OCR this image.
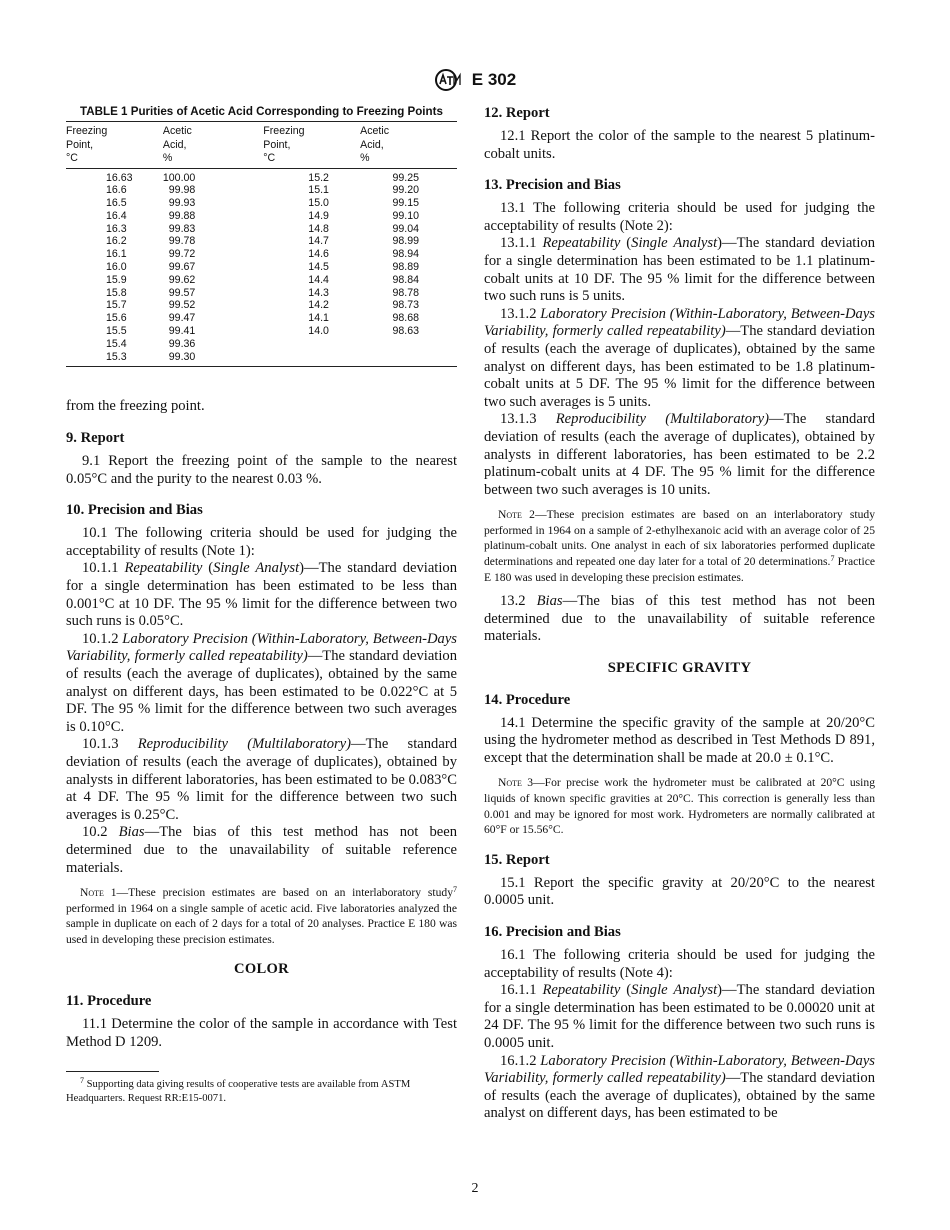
E 302
TABLE 1 Purities of Acetic Acid Corresponding to Freezing Points
Freezing
Point,
°C	Acetic
Acid,
%	Freezing
Point,
°C	Acetic
Acid,
%
16.63	100.00	15.2	99.25
16.6	99.98	15.1	99.20
16.5	99.93	15.0	99.15
16.4	99.88	14.9	99.10
16.3	99.83	14.8	99.04
16.2	99.78	14.7	98.99
16.1	99.72	14.6	98.94
16.0	99.67	14.5	98.89
15.9	99.62	14.4	98.84
15.8	99.57	14.3	98.78
15.7	99.52	14.2	98.73
15.6	99.47	14.1	98.68
15.5	99.41	14.0	98.63
15.4	99.36		
15.3	99.30		

from the freezing point.

9. Report

9.1 Report the freezing point of the sample to the nearest 0.05°C and the purity to the nearest 0.03 %.

10. Precision and Bias

10.1 The following criteria should be used for judging the acceptability of results (Note 1):

10.1.1 Repeatability (Single Analyst)—The standard deviation for a single determination has been estimated to be less than 0.001°C at 10 DF. The 95 % limit for the difference between two such runs is 0.05°C.

10.1.2 Laboratory Precision (Within-Laboratory, Between-Days Variability, formerly called repeatability)—The standard deviation of results (each the average of duplicates), obtained by the same analyst on different days, has been estimated to be 0.022°C at 5 DF. The 95 % limit for the difference between two such averages is 0.10°C.

10.1.3 Reproducibility (Multilaboratory)—The standard deviation of results (each the average of duplicates), obtained by analysts in different laboratories, has been estimated to be 0.083°C at 4 DF. The 95 % limit for the difference between two such averages is 0.25°C.

10.2 Bias—The bias of this test method has not been determined due to the unavailability of suitable reference materials.

Note 1—These precision estimates are based on an interlaboratory study$^7$ performed in 1964 on a single sample of acetic acid. Five laboratories analyzed the sample in duplicate on each of 2 days for a total of 20 analyses. Practice E 180 was used in developing these precision estimates.

COLOR
11. Procedure

11.1 Determine the color of the sample in accordance with Test Method D 1209.

$^7$ Supporting data giving results of cooperative tests are available from ASTM Headquarters. Request RR:E15-0071.

12. Report

12.1 Report the color of the sample to the nearest 5 platinum-cobalt units.

13. Precision and Bias

13.1 The following criteria should be used for judging the acceptability of results (Note 2):

13.1.1 Repeatability (Single Analyst)—The standard deviation for a single determination has been estimated to be 1.1 platinum-cobalt units at 10 DF. The 95 % limit for the difference between two such runs is 5 units.

13.1.2 Laboratory Precision (Within-Laboratory, Between-Days Variability, formerly called repeatability)—The standard deviation of results (each the average of duplicates), obtained by the same analyst on different days, has been estimated to be 1.8 platinum-cobalt units at 5 DF. The 95 % limit for the difference between two such averages is 5 units.

13.1.3 Reproducibility (Multilaboratory)—The standard deviation of results (each the average of duplicates), obtained by analysts in different laboratories, has been estimated to be 2.2 platinum-cobalt units at 4 DF. The 95 % limit for the difference between two such averages is 10 units.

Note 2—These precision estimates are based on an interlaboratory study performed in 1964 on a sample of 2-ethylhexanoic acid with an average color of 25 platinum-cobalt units. One analyst in each of six laboratories performed duplicate determinations and repeated one day later for a total of 20 determinations.$^7$ Practice E 180 was used in developing these precision estimates.

13.2 Bias—The bias of this test method has not been determined due to the unavailability of suitable reference materials.

SPECIFIC GRAVITY
14. Procedure

14.1 Determine the specific gravity of the sample at 20/20°C using the hydrometer method as described in Test Methods D 891, except that the determination shall be made at 20.0 ± 0.1°C.

Note 3—For precise work the hydrometer must be calibrated at 20°C using liquids of known specific gravities at 20°C. This correction is generally less than 0.001 and may be ignored for most work. Hydrometers are normally calibrated at 60°F or 15.56°C.

15. Report

15.1 Report the specific gravity at 20/20°C to the nearest 0.0005 unit.

16. Precision and Bias

16.1 The following criteria should be used for judging the acceptability of results (Note 4):

16.1.1 Repeatability (Single Analyst)—The standard deviation for a single determination has been estimated to be 0.00020 unit at 24 DF. The 95 % limit for the difference between two such runs is 0.0005 unit.

16.1.2 Laboratory Precision (Within-Laboratory, Between-Days Variability, formerly called repeatability)—The standard deviation of results (each the average of duplicates), obtained by the same analyst on different days, has been estimated to be

2
